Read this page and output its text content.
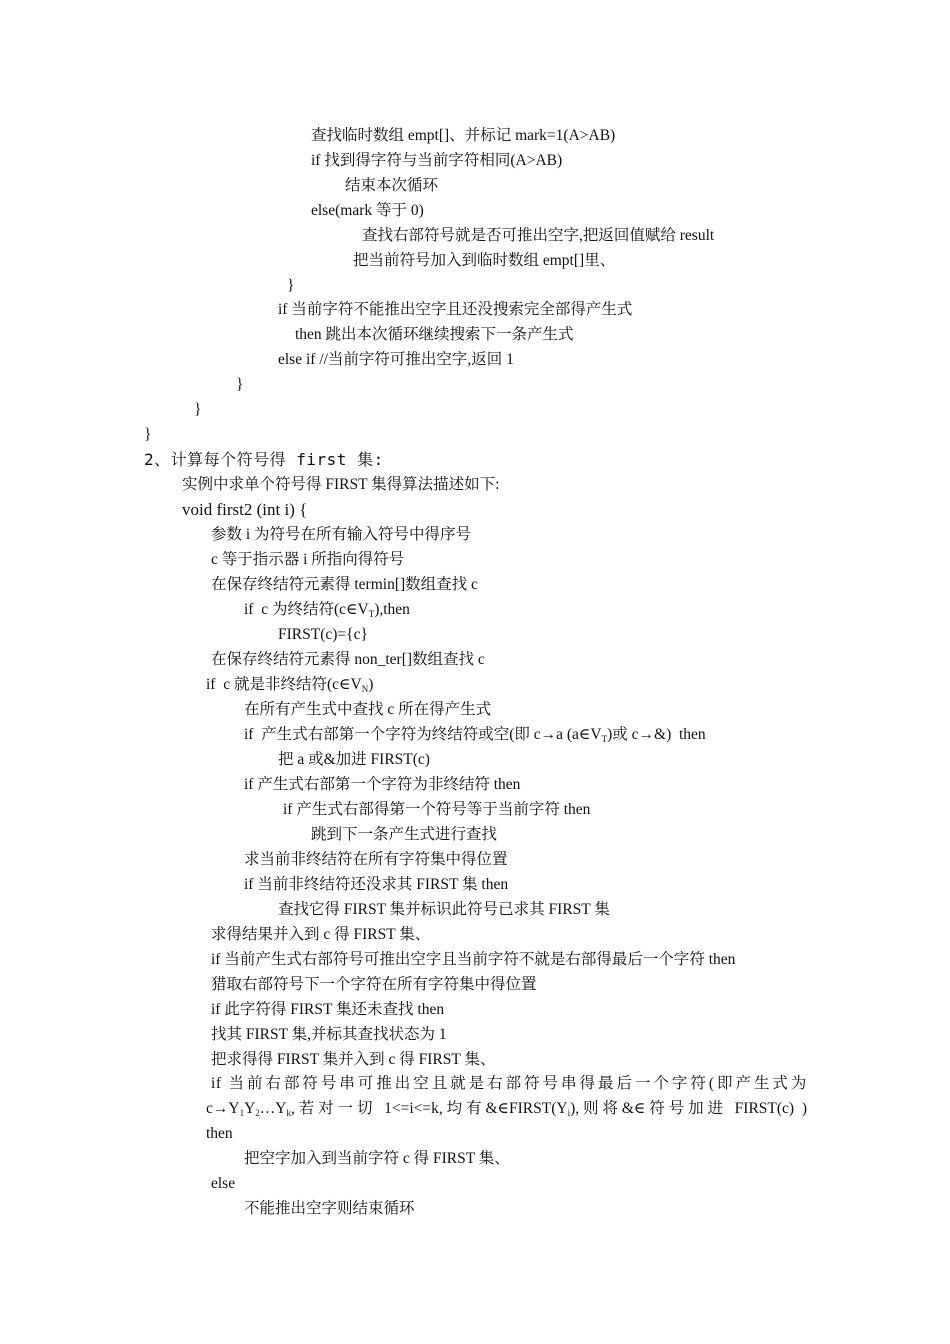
查找临时数组 empt[]、并标记 mark=1(A>AB)
if 找到得字符与当前字符相同(A>AB)
结束本次循环
else(mark 等于 0)
查找右部符号就是否可推出空字,把返回值赋给 result
把当前符号加入到临时数组 empt[]里、
}
if 当前字符不能推出空字且还没搜索完全部得产生式
then 跳出本次循环继续搜索下一条产生式
else if //当前字符可推出空字,返回 1
}
}
}
2、计算每个符号得 first 集:
实例中求单个符号得 FIRST 集得算法描述如下:
void first2 (int i) {
参数 i 为符号在所有输入符号中得序号
c 等于指示器 i 所指向得符号
在保存终结符元素得 termin[]数组查找 c
if  c 为终结符$(c\in V_T),then$
FIRST(c)={c}
在保存终结符元素得 non_ter[]数组查找 c
if  c 就是非终结符$(c\in V_N)$
在所有产生式中查找 c 所在得产生式
if  产生式右部第一个字符为终结符或空(即 c→a $(a\in V_T)$或 c→&)  then
把 a 或&加进 FIRST(c)
if 产生式右部第一个字符为非终结符 then
if 产生式右部得第一个符号等于当前字符 then
跳到下一条产生式进行查找
求当前非终结符在所有字符集中得位置
if 当前非终结符还没求其 FIRST 集 then
查找它得 FIRST 集并标识此符号已求其 FIRST 集
求得结果并入到 c 得 FIRST 集、
if 当前产生式右部符号可推出空字且当前字符不就是右部得最后一个字符 then
猎取右部符号下一个字符在所有字符集中得位置
if 此字符得 FIRST 集还未查找 then
找其 FIRST 集,并标其查找状态为 1
把求得得 FIRST 集并入到 c 得 FIRST 集、
if 当前右部符号串可推出空且就是右部符号串得最后一个字符(即产生式为
$c\to Y_1Y_2\dots Y_k$,若对一切 1<=i<=k,均有$\&\in FIRST(Y_i)$,则将&∈符号加进 FIRST(c) )
then
把空字加入到当前字符 c 得 FIRST 集、
else
不能推出空字则结束循环
